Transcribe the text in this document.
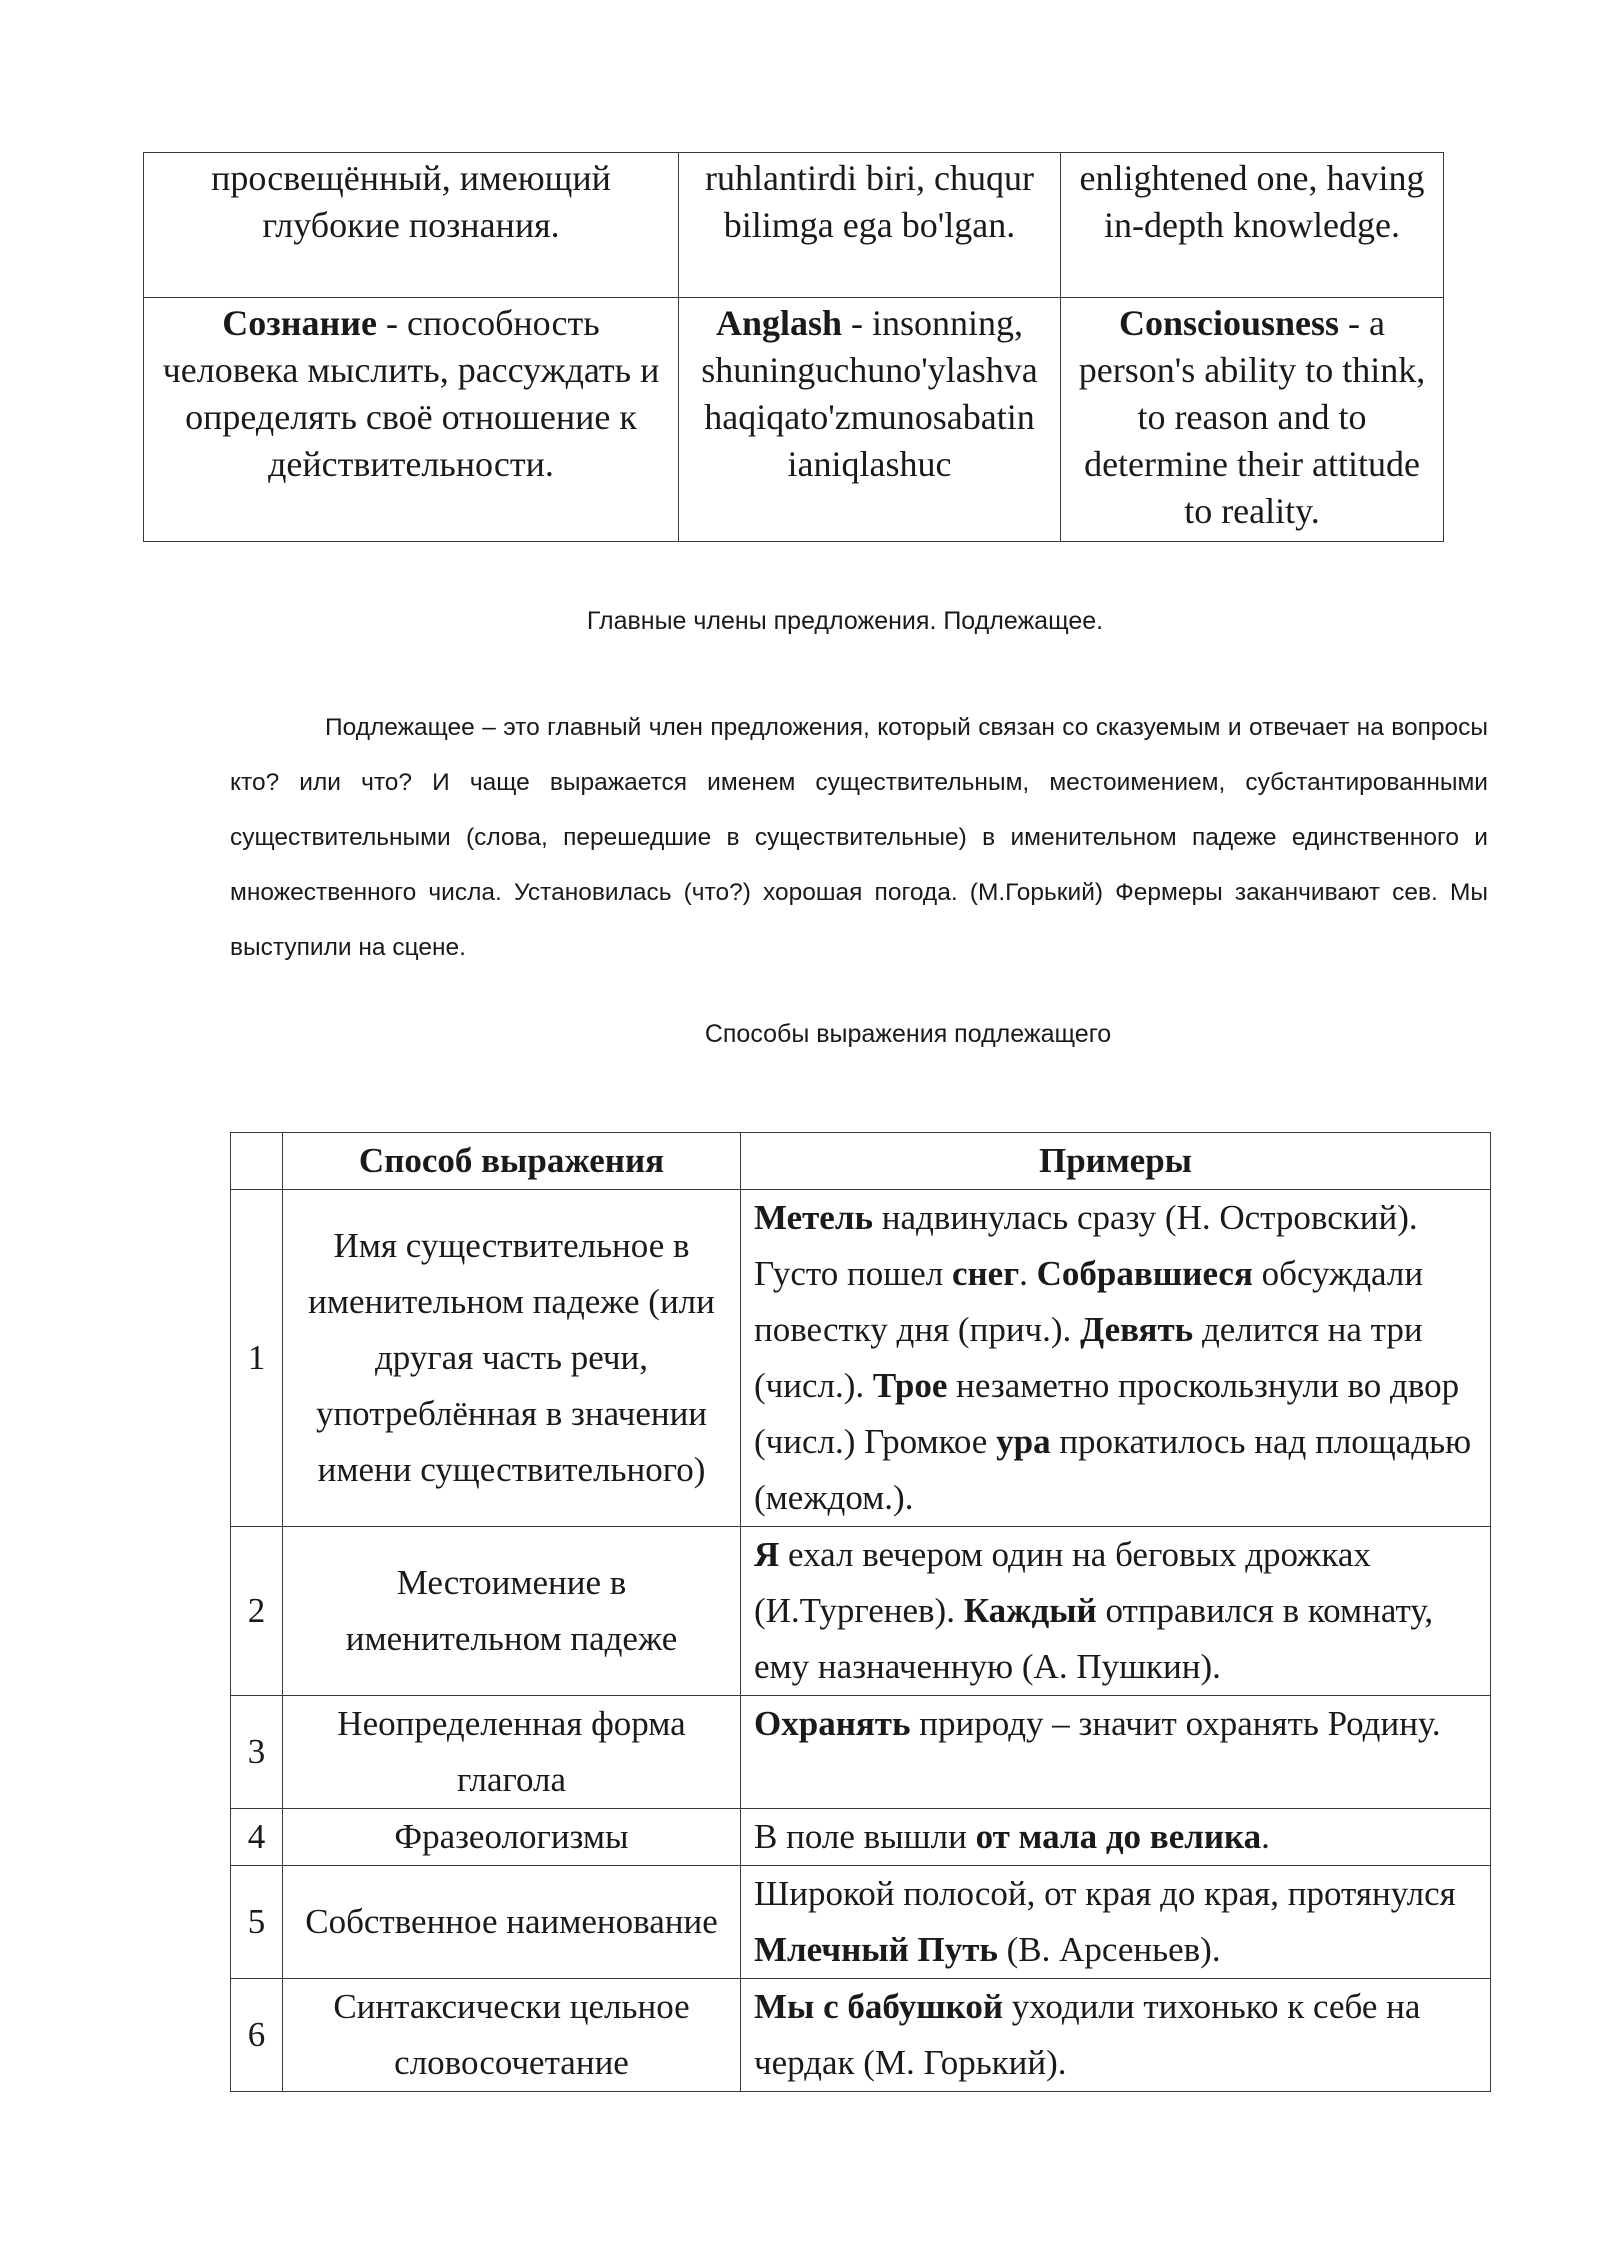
просвещённый, имеющий глубокие познания.	ruhlantirdi biri, chuqur bilimga ega bo'lgan.	enlightened one, having in-depth knowledge.
Сознание - способность человека мыслить, рассуждать и определять своё отношение к действительности.	Anglash - insonning, shuninguchuno'ylashva haqiqato'zmunosabatin ianiqlashuc	Consciousness - a person's ability to think, to reason and to determine their attitude to reality.
Главные члены предложения. Подлежащее.

Подлежащее – это главный член предложения, который связан со сказуемым и отвечает на вопросы кто? или что? И чаще выражается именем существительным, местоимением, субстантированными существительными (слова, перешедшие в существительные) в именительном падеже единственного и множественного числа. Установилась (что?) хорошая погода. (М.Горький) Фермеры заканчивают сев. Мы выступили на сцене.

Способы выражения подлежащего
	Способ выражения	Примеры
1	Имя существительное в именительном падеже (или другая часть речи, употреблённая в значении имени существительного)	Метель надвинулась сразу (Н. Островский). Густо пошел снег. Собравшиеся обсуждали повестку дня (прич.). Девять делится на три (числ.). Трое незаметно проскользнули во двор (числ.) Громкое ура прокатилось над площадью (междом.).
2	Местоимение в именительном падеже	Я ехал вечером один на беговых дрожках (И.Тургенев). Каждый отправился в комнату, ему назначенную (А. Пушкин).
3	Неопределенная форма глагола	Охранять природу – значит охранять Родину.
4	Фразеологизмы	В поле вышли от мала до велика.
5	Собственное наименование	Широкой полосой, от края до края, протянулся Млечный Путь (В. Арсеньев).
6	Синтаксически цельное словосочетание	Мы с бабушкой уходили тихонько к себе на чердак (М. Горький).
